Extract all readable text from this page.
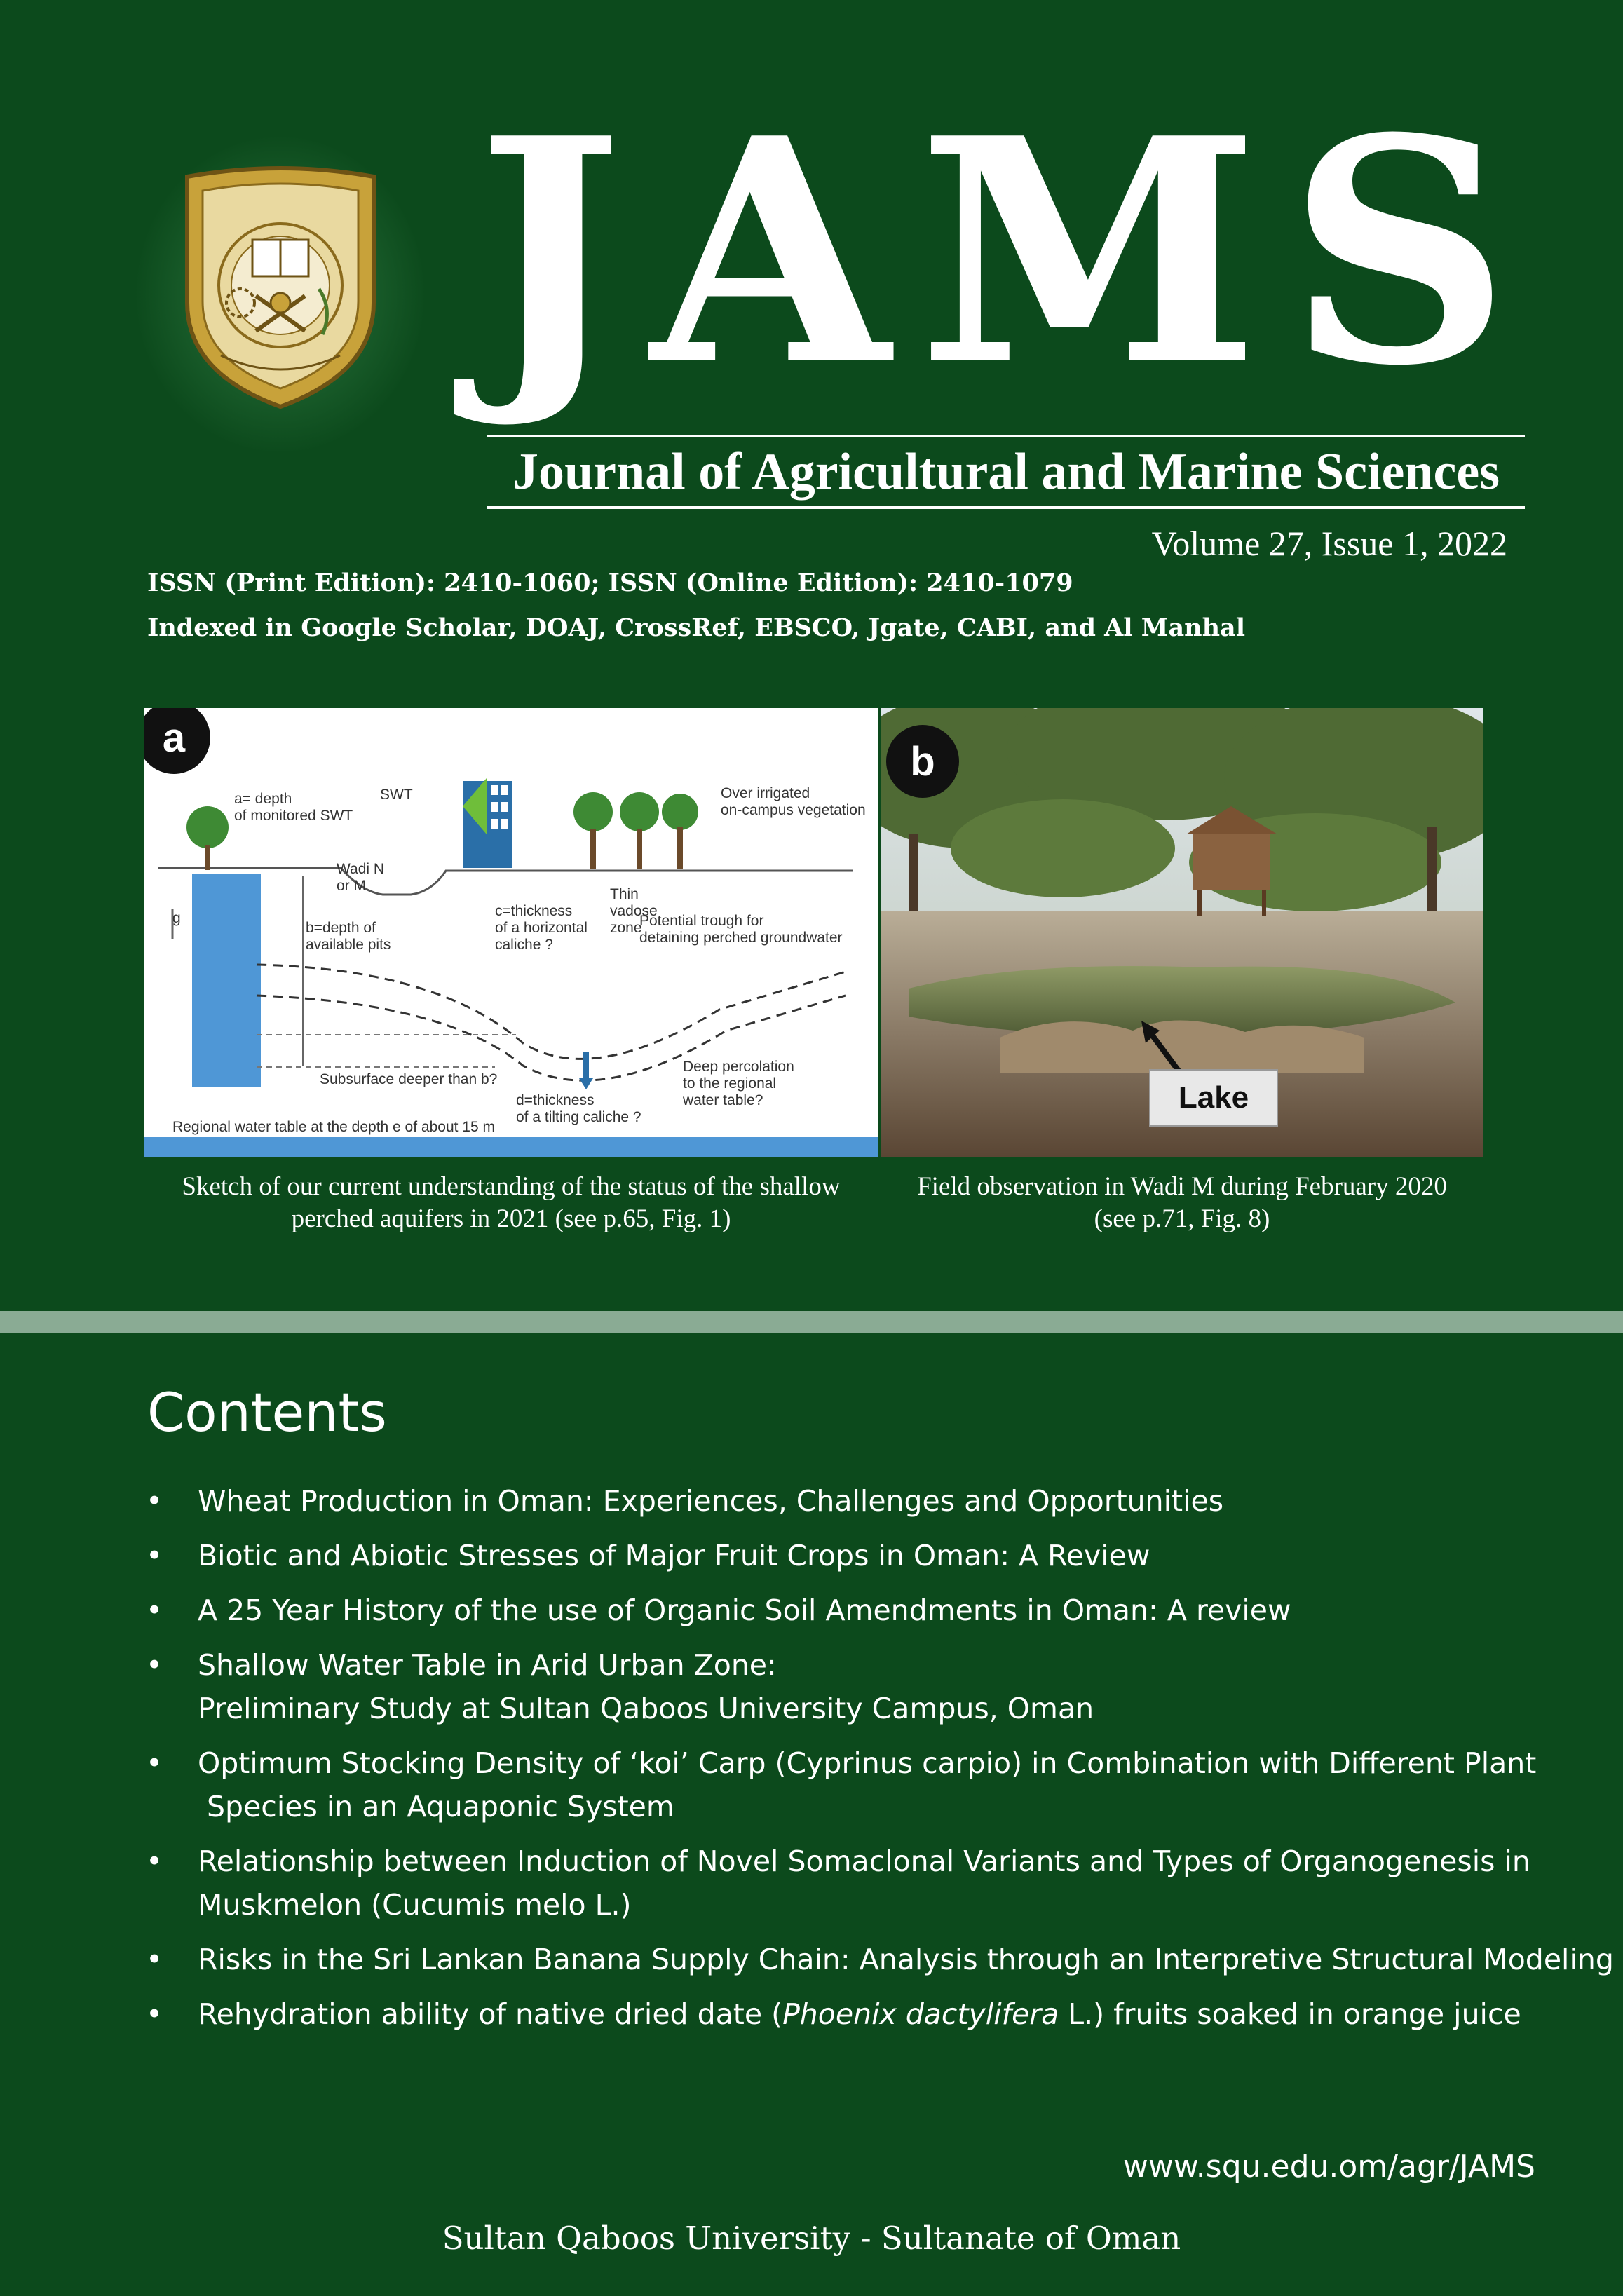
JAMS
Journal of Agricultural and Marine Sciences
Volume 27, Issue 1, 2022
ISSN (Print Edition): 2410-1060; ISSN (Online Edition): 2410-1079
Indexed in Google Scholar, DOAJ, CrossRef, EBSCO, Jgate, CABI, and Al Manhal
a
a= depth
of monitored SWT
SWT	Over irrigated
on-campus vegetation
Wadi N
or M
g
b=depth of
available pits
c=thickness
of a horizontal
caliche ?
Thin
vadose
zone
Potential trough for
detaining perched groundwater
Subsurface deeper than b?
Deep percolation
to the regional
water table?
d=thickness
of a tilting caliche ?
Regional water table at the depth e of about 15 m
Lake
b
Sketch of our current understanding of the status of the shallow
perched aquifers in 2021 (see p.65, Fig. 1)
Field observation in Wadi M during February 2020
(see p.71, Fig. 8)
Contents
• Wheat Production in Oman: Experiences, Challenges and Opportunities
• Biotic and Abiotic Stresses of Major Fruit Crops in Oman: A Review
• A 25 Year History of the use of Organic Soil Amendments in Oman: A review
• Shallow Water Table in Arid Urban Zone:
Preliminary Study at Sultan Qaboos University Campus, Oman
• Optimum Stocking Density of ‘koi’ Carp (Cyprinus carpio) in Combination with Different Plant
Species in an Aquaponic System
• Relationship between Induction of Novel Somaclonal Variants and Types of Organogenesis in
Muskmelon (Cucumis melo L.)
• Risks in the Sri Lankan Banana Supply Chain: Analysis through an Interpretive Structural Modeling
• Rehydration ability of native dried date (Phoenix dactylifera L.) fruits soaked in orange juice
www.squ.edu.om/agr/JAMS
Sultan Qaboos University - Sultanate of Oman
